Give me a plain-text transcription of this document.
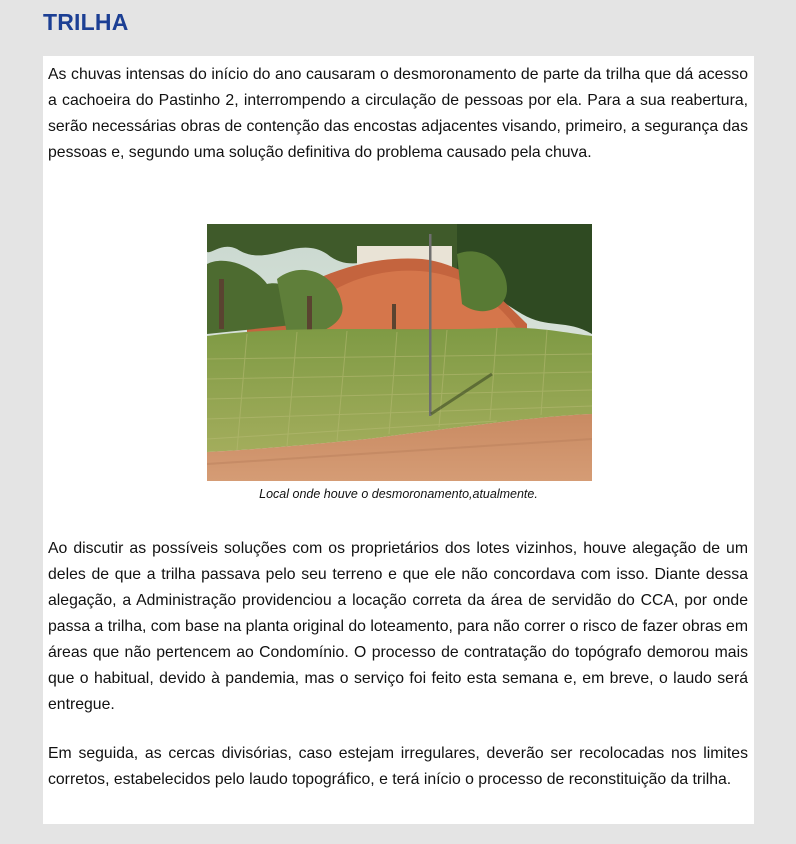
TRILHA

As chuvas intensas do início do ano causaram o desmoronamento de parte da trilha que dá acesso a cachoeira do Pastinho 2, interrompendo a circulação de pessoas por ela. Para a sua reabertura, serão necessárias obras de contenção das encostas adjacentes visando, primeiro, a segurança das pessoas e, segundo uma solução definitiva do problema causado pela chuva.

Local onde houve o desmoronamento,atualmente.

Ao discutir as possíveis soluções com os proprietários dos lotes vizinhos, houve alegação de um deles de que a trilha passava pelo seu terreno e que ele não concordava com isso. Diante dessa alegação, a Administração providenciou a locação correta da área de servidão do CCA, por onde passa a trilha, com base na planta original do loteamento, para não correr o risco de fazer obras em áreas que não pertencem ao Condomínio. O processo de contratação do topógrafo demorou mais que o habitual, devido à pandemia, mas o serviço foi feito esta semana e, em breve, o laudo será entregue.

Em seguida, as cercas divisórias, caso estejam irregulares, deverão ser recolocadas nos limites corretos, estabelecidos pelo laudo topográfico, e terá início o processo de reconstituição da trilha.
